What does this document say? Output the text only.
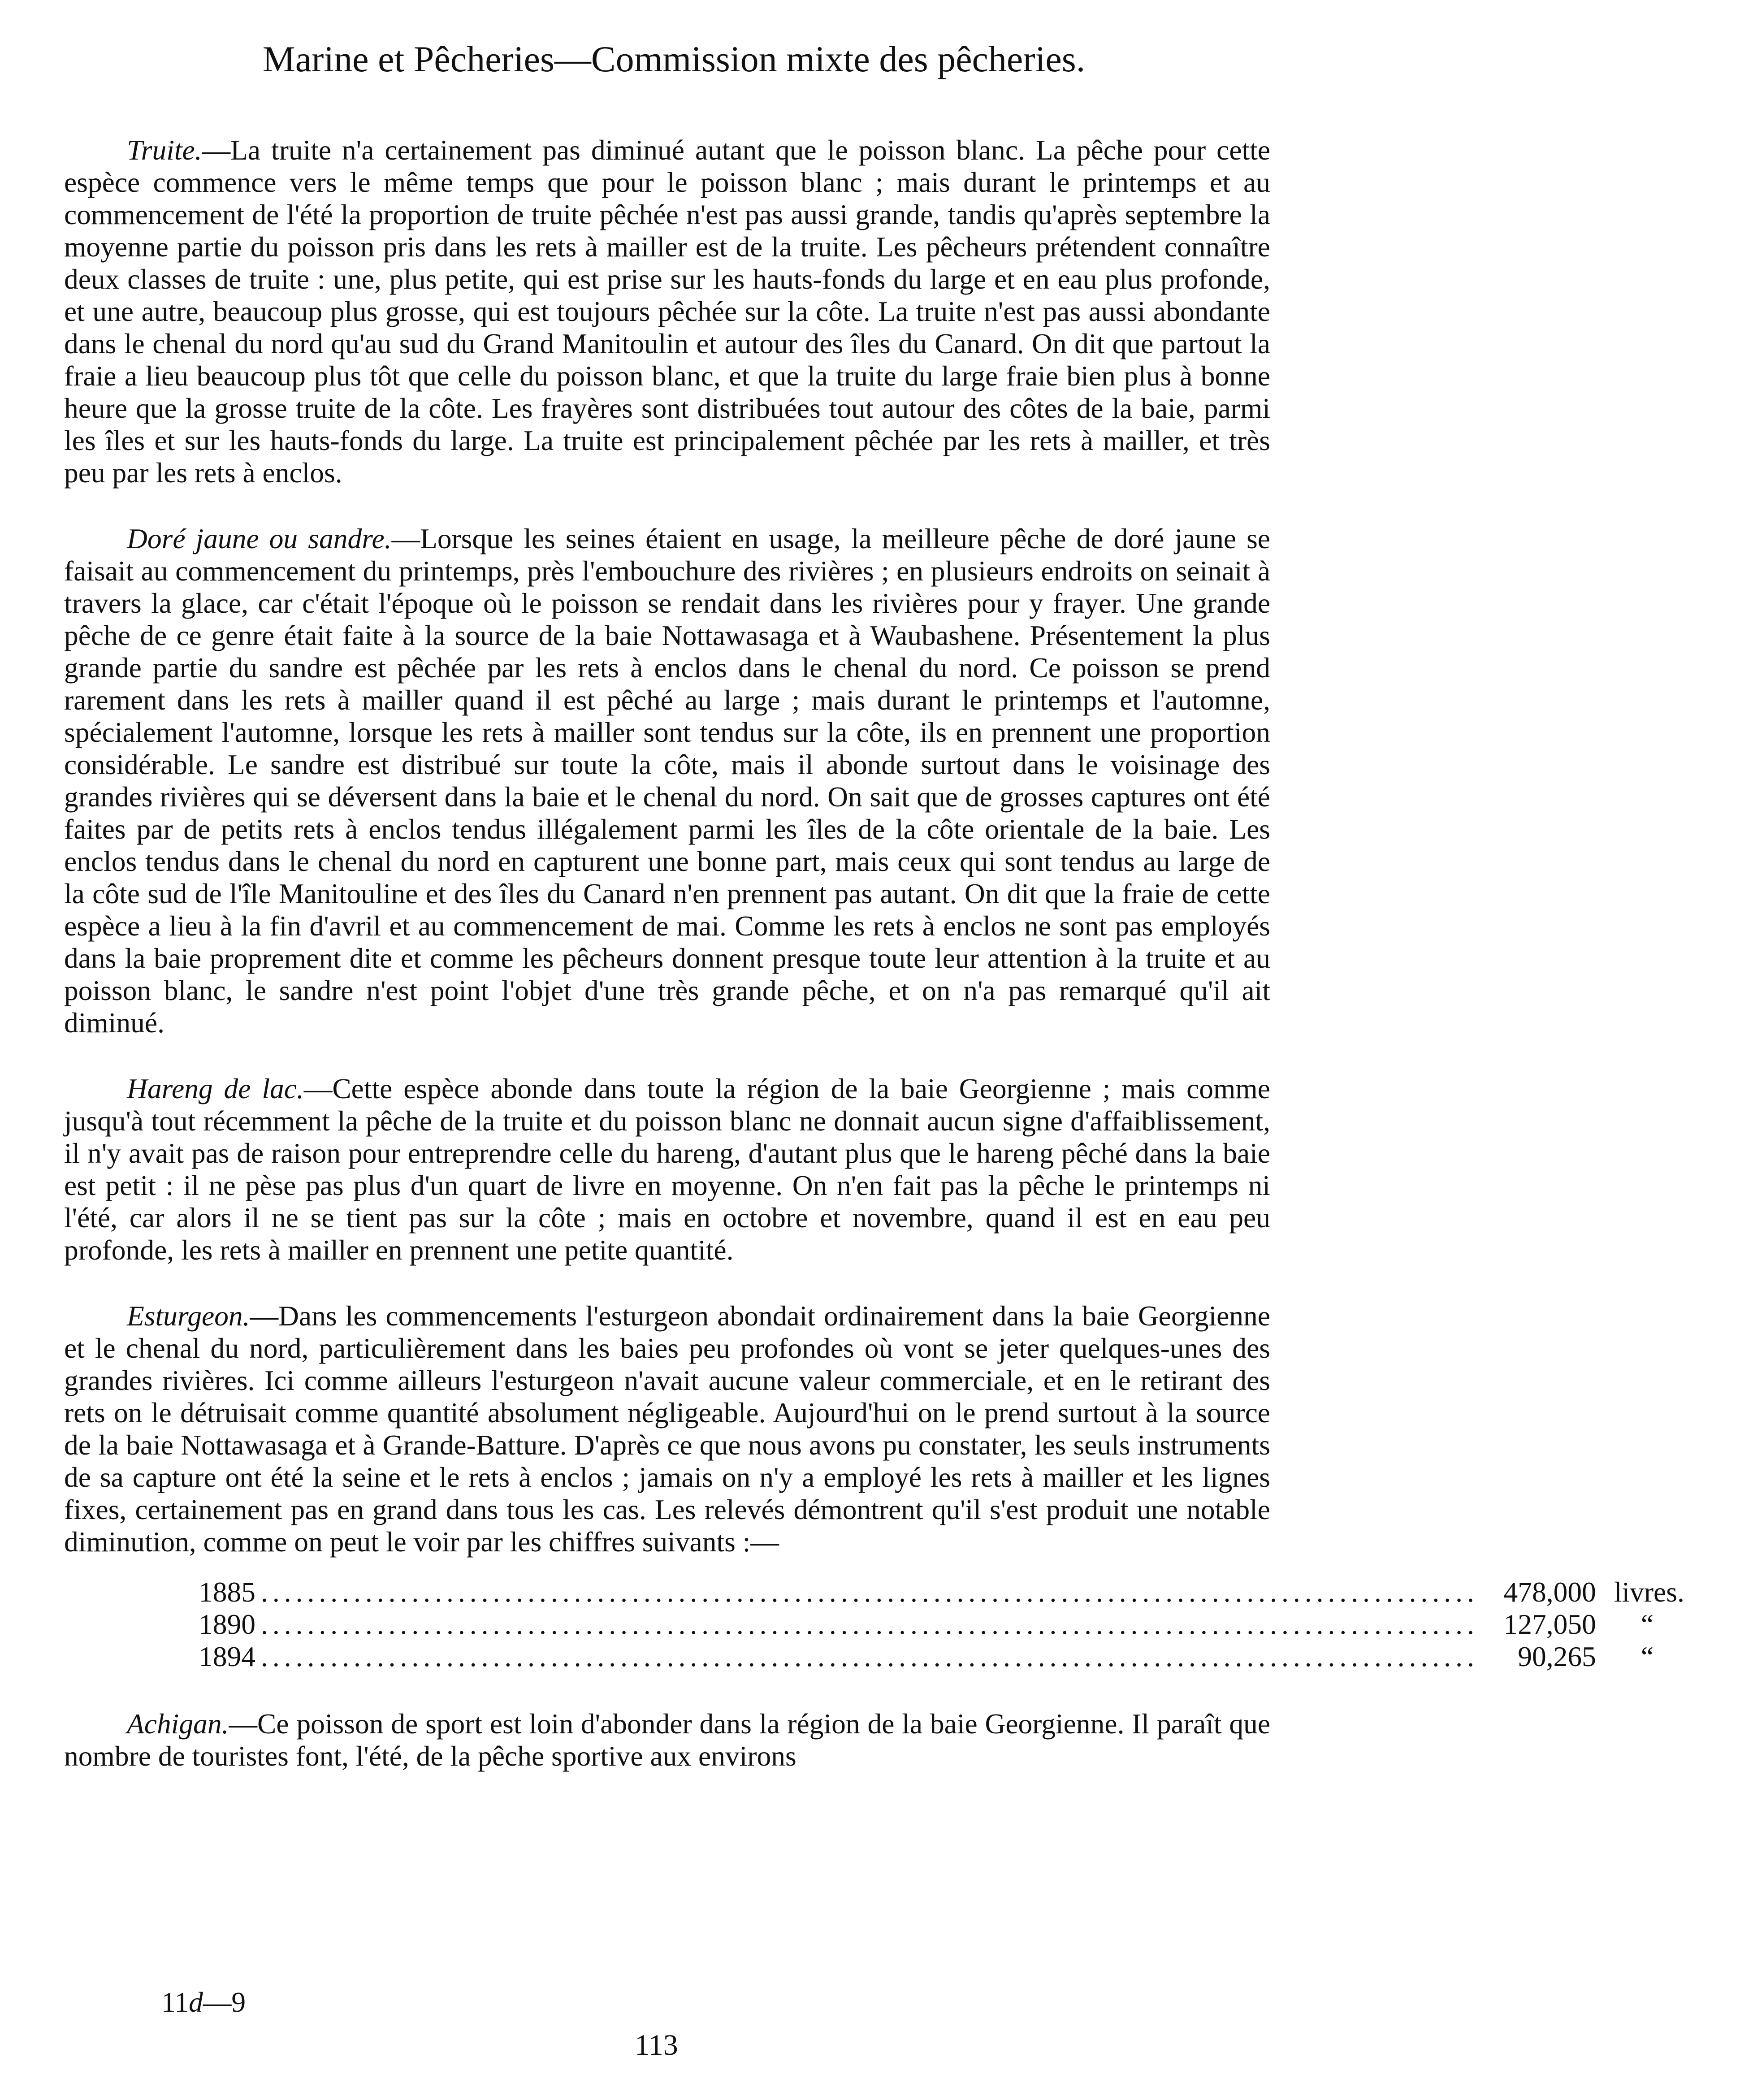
Marine et Pêcheries—Commission mixte des pêcheries.

Truite.—La truite n'a certainement pas diminué autant que le poisson blanc. La pêche pour cette espèce commence vers le même temps que pour le poisson blanc ; mais durant le printemps et au commencement de l'été la proportion de truite pêchée n'est pas aussi grande, tandis qu'après septembre la moyenne partie du poisson pris dans les rets à mailler est de la truite. Les pêcheurs prétendent connaître deux classes de truite : une, plus petite, qui est prise sur les hauts-fonds du large et en eau plus profonde, et une autre, beaucoup plus grosse, qui est toujours pêchée sur la côte. La truite n'est pas aussi abondante dans le chenal du nord qu'au sud du Grand Manitoulin et autour des îles du Canard. On dit que partout la fraie a lieu beaucoup plus tôt que celle du poisson blanc, et que la truite du large fraie bien plus à bonne heure que la grosse truite de la côte. Les frayères sont distribuées tout autour des côtes de la baie, parmi les îles et sur les hauts-fonds du large. La truite est principalement pêchée par les rets à mailler, et très peu par les rets à enclos.

Doré jaune ou sandre.—Lorsque les seines étaient en usage, la meilleure pêche de doré jaune se faisait au commencement du printemps, près l'embouchure des rivières ; en plusieurs endroits on seinait à travers la glace, car c'était l'époque où le poisson se rendait dans les rivières pour y frayer. Une grande pêche de ce genre était faite à la source de la baie Nottawasaga et à Waubashene. Présentement la plus grande partie du sandre est pêchée par les rets à enclos dans le chenal du nord. Ce poisson se prend rarement dans les rets à mailler quand il est pêché au large ; mais durant le printemps et l'automne, spécialement l'automne, lorsque les rets à mailler sont tendus sur la côte, ils en prennent une proportion considérable. Le sandre est distribué sur toute la côte, mais il abonde surtout dans le voisinage des grandes rivières qui se déversent dans la baie et le chenal du nord. On sait que de grosses captures ont été faites par de petits rets à enclos tendus illégalement parmi les îles de la côte orientale de la baie. Les enclos tendus dans le chenal du nord en capturent une bonne part, mais ceux qui sont tendus au large de la côte sud de l'île Manitouline et des îles du Canard n'en prennent pas autant. On dit que la fraie de cette espèce a lieu à la fin d'avril et au commencement de mai. Comme les rets à enclos ne sont pas employés dans la baie proprement dite et comme les pêcheurs donnent presque toute leur attention à la truite et au poisson blanc, le sandre n'est point l'objet d'une très grande pêche, et on n'a pas remarqué qu'il ait diminué.

Hareng de lac.—Cette espèce abonde dans toute la région de la baie Georgienne ; mais comme jusqu'à tout récemment la pêche de la truite et du poisson blanc ne donnait aucun signe d'affaiblissement, il n'y avait pas de raison pour entreprendre celle du hareng, d'autant plus que le hareng pêché dans la baie est petit : il ne pèse pas plus d'un quart de livre en moyenne. On n'en fait pas la pêche le printemps ni l'été, car alors il ne se tient pas sur la côte ; mais en octobre et novembre, quand il est en eau peu profonde, les rets à mailler en prennent une petite quantité.

Esturgeon.—Dans les commencements l'esturgeon abondait ordinairement dans la baie Georgienne et le chenal du nord, particulièrement dans les baies peu profondes où vont se jeter quelques-unes des grandes rivières. Ici comme ailleurs l'esturgeon n'avait aucune valeur commerciale, et en le retirant des rets on le détruisait comme quantité absolument négligeable. Aujourd'hui on le prend surtout à la source de la baie Nottawasaga et à Grande-Batture. D'après ce que nous avons pu constater, les seuls instruments de sa capture ont été la seine et le rets à enclos ; jamais on n'y a employé les rets à mailler et les lignes fixes, certainement pas en grand dans tous les cas. Les relevés démontrent qu'il s'est produit une notable diminution, comme on peut le voir par les chiffres suivants :—

1885 ......................................................................................................... 478,000 livres.
1890 ......................................................................................................... 127,050	“
1894 .........................................................................................................	90,265	“

Achigan.—Ce poisson de sport est loin d'abonder dans la région de la baie Georgienne. Il paraît que nombre de touristes font, l'été, de la pêche sportive aux environs

11d—9
113
